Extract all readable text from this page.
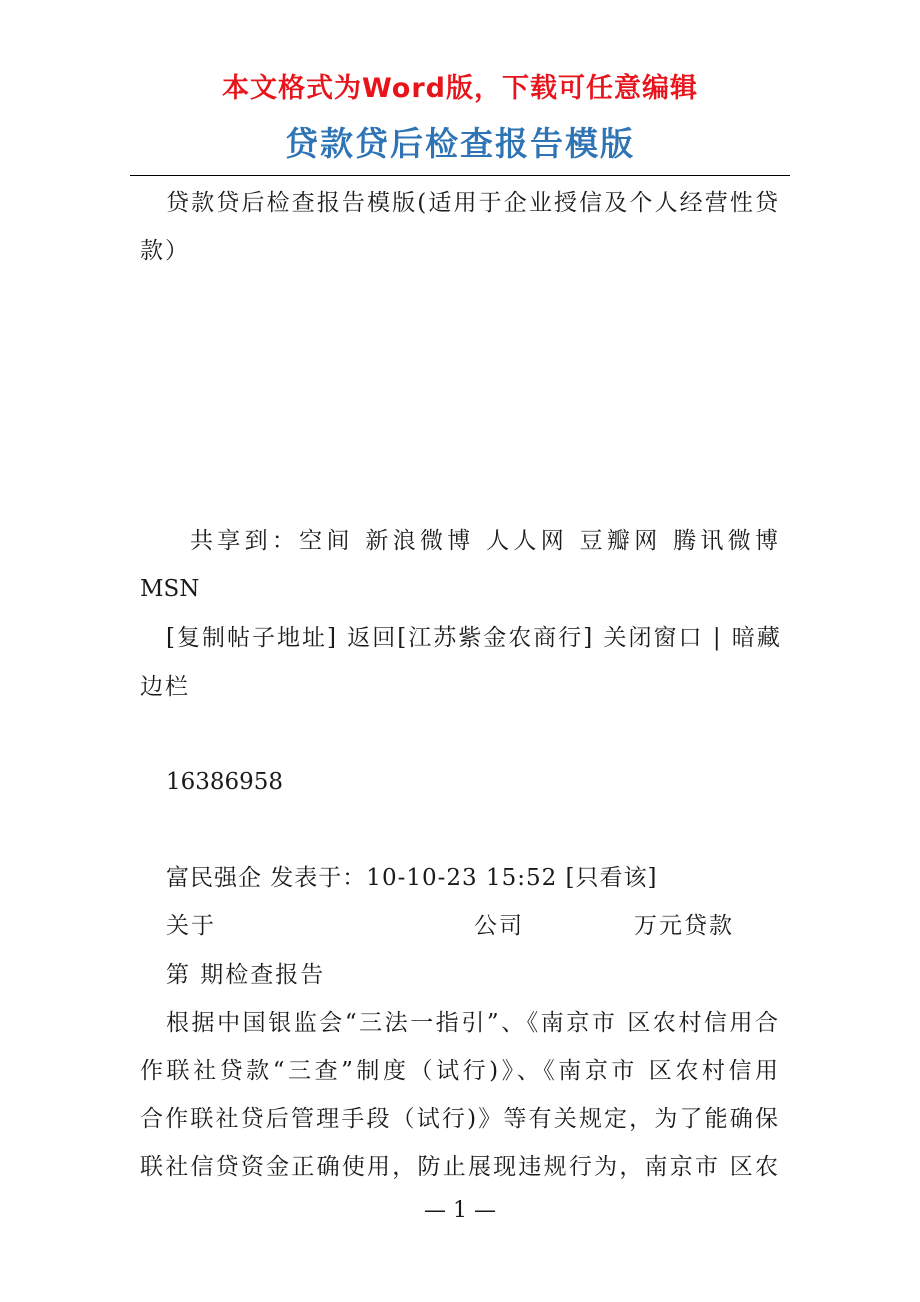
本文格式为Word版，下载可任意编辑
贷款贷后检查报告模版
贷款贷后检查报告模版(适用于企业授信及个人经营性贷
款）
共享到：空间 新浪微博 人人网 豆瓣网 腾讯微博
MSN
[复制帖子地址] 返回[江苏紫金农商行] 关闭窗口 | 暗藏
边栏
16386958
富民强企 发表于：10-10-23 15:52 [只看该]
关于	公司	万元贷款
第 期检查报告
根据中国银监会“三法一指引”、《南京市 区农村信用合
作联社贷款“三查”制度（试行)》、《南京市 区农村信用
合作联社贷后管理手段（试行)》等有关规定，为了能确保
联社信贷资金正确使用，防止展现违规行为，南京市 区农
— 1 —
